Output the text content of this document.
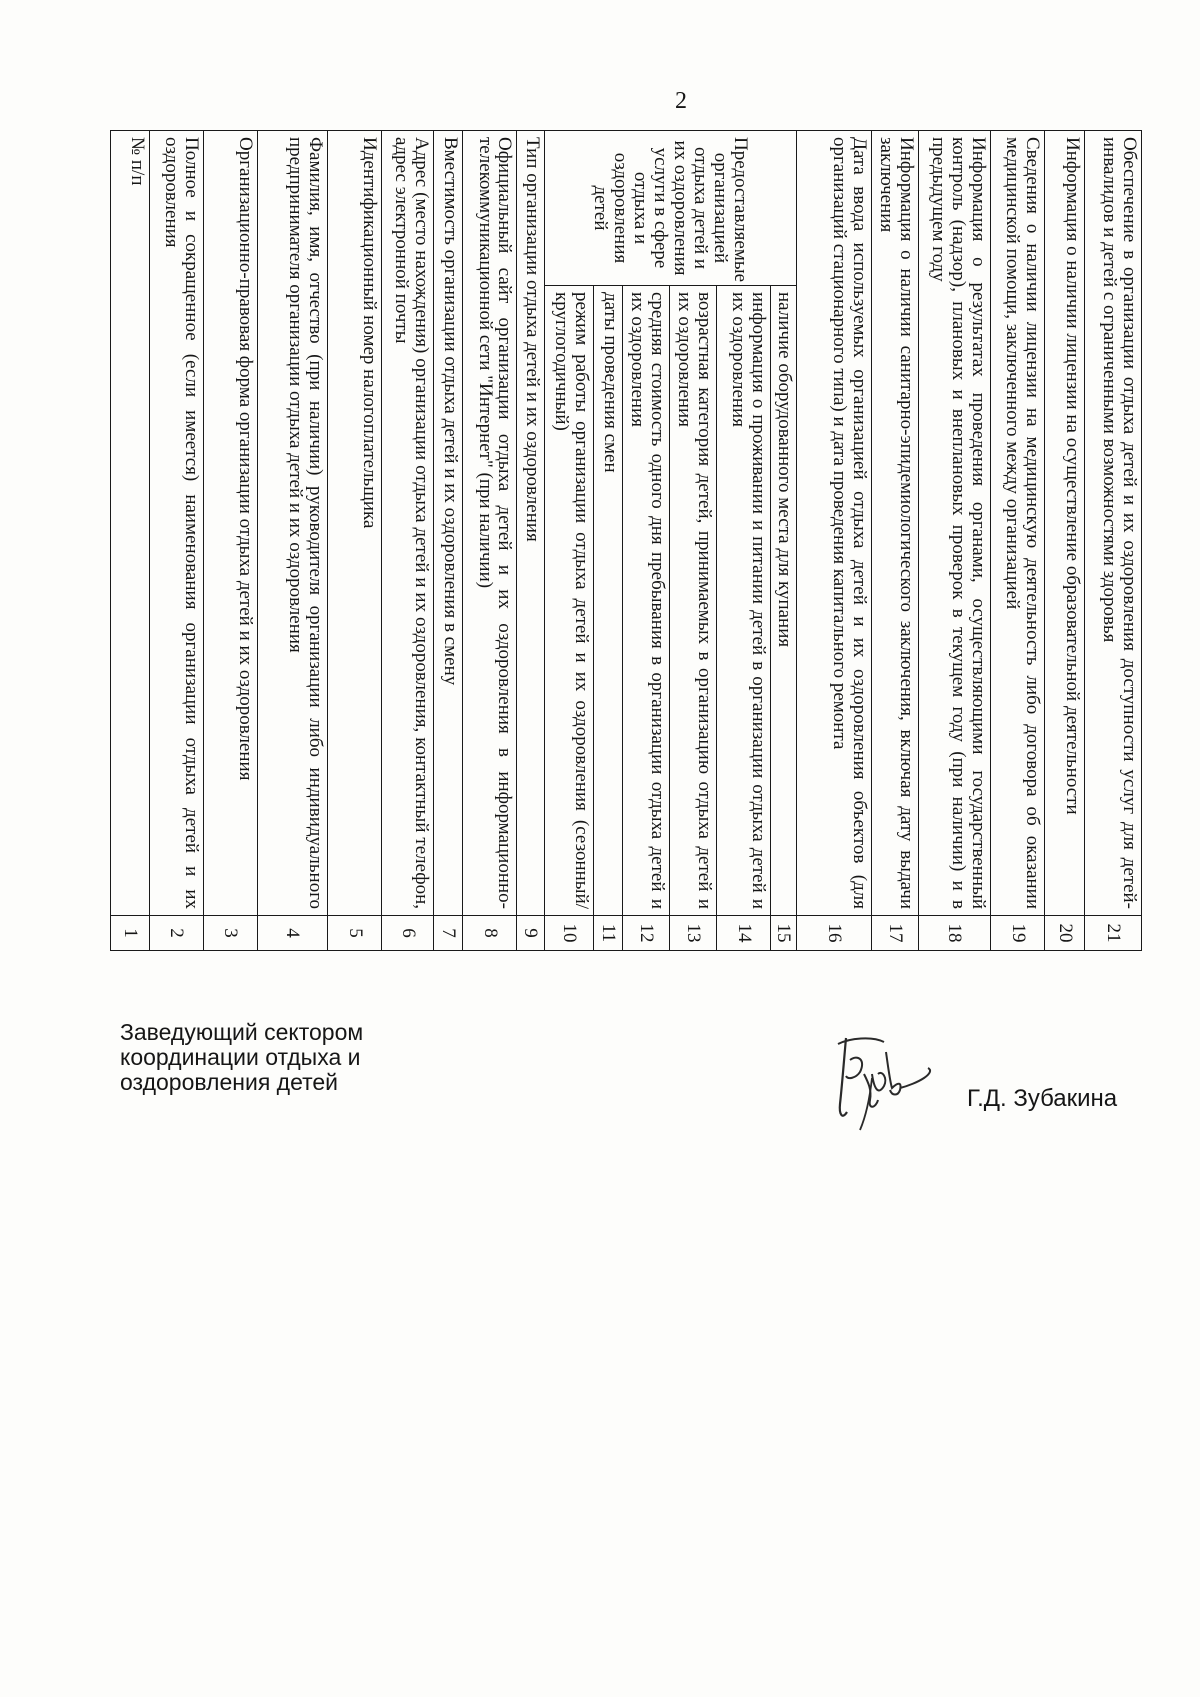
2
Обеспечение в организации отдыха детей и их оздоровления доступности услуг для детей-инвалидов и детей с ограниченными возможностями здоровья		21
Информация о наличии лицензии на осуществление образовательной деятельности		20
Сведения о наличии лицензии на медицинскую деятельность либо договора об оказании медицинской помощи, заключенного между организацией		19
Информация о результатах проведения органами, осуществляющими государственный контроль (надзор), плановых и внеплановых проверок в текущем году (при наличии) и в предыдущем году		18
Информация о наличии санитарно-эпидемиологического заключения, включая дату выдачи заключения		17
Дата ввода используемых организацией отдыха детей и их оздоровления объектов (для организаций стационарного типа) и дата проведения капитального ремонта		16
Предоставляемые организацией отдыха детей и их оздоровления услуги в сфере отдыха и оздоровления детей	наличие оборудованного места для купания	15
	информация о проживании и питании детей в организации отдыха детей и их оздоровления	14
	возрастная категория детей, принимаемых в организацию отдыха детей и их оздоровления	13
	средняя стоимость одного дня пребывания в организации отдыха детей и их оздоровления	12
	даты проведения смен	11
	режим работы организации отдыха детей и их оздоровления (сезонный/круглогодичный)	10
Тип организации отдыха детей и их оздоровления		9
Официальный сайт организации отдыха детей и их оздоровления в информационно-телекоммуникационной сети "Интернет" (при наличии)		8
Вместимость организации отдыха детей и их оздоровления в смену		7
Адрес (место нахождения) организации отдыха детей и их оздоровления, контактный телефон, адрес электронной почты		6
Идентификационный номер налогоплательщика		5
Фамилия, имя, отчество (при наличии) руководителя организации либо индивидуального предпринимателя организации отдыха детей и их оздоровления		4
Организационно-правовая форма организации отдыха детей и их оздоровления		3
Полное и сокращенное (если имеется) наименования организации отдыха детей и их оздоровления		2
№ п/п		1
Заведующий сектором
координации отдыха и
оздоровления детей
Г.Д. Зубакина
